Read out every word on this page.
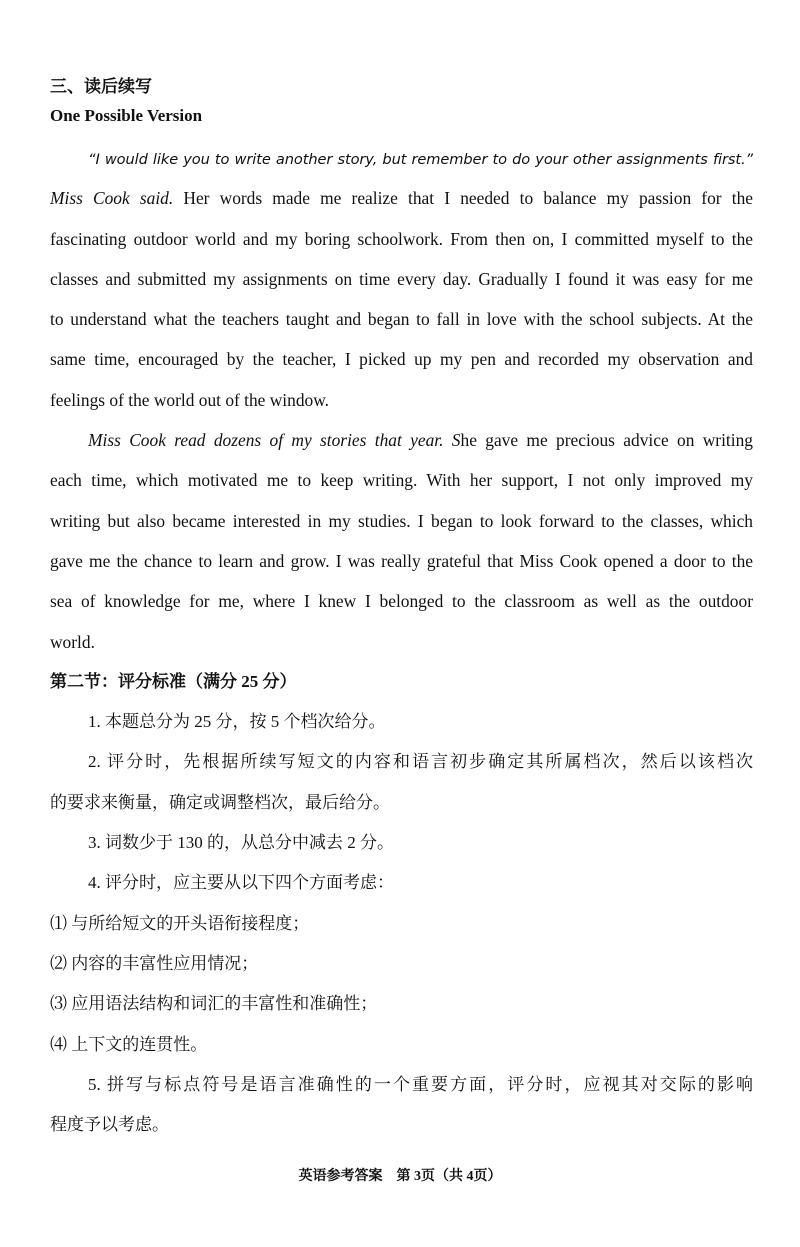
三、读后续写
One Possible Version
“I would like you to write another story, but remember to do your other assignments first.”
Miss Cook said. Her words made me realize that I needed to balance my passion for the
fascinating outdoor world and my boring schoolwork. From then on, I committed myself to the
classes and submitted my assignments on time every day. Gradually I found it was easy for me
to understand what the teachers taught and began to fall in love with the school subjects. At the
same time, encouraged by the teacher, I picked up my pen and recorded my observation and
feelings of the world out of the window.
Miss Cook read dozens of my stories that year. She gave me precious advice on writing
each time, which motivated me to keep writing. With her support, I not only improved my
writing but also became interested in my studies. I began to look forward to the classes, which
gave me the chance to learn and grow. I was really grateful that Miss Cook opened a door to the
sea of knowledge for me, where I knew I belonged to the classroom as well as the outdoor
world.
第二节：评分标准（满分 25 分）
1. 本题总分为 25 分，按 5 个档次给分。
2. 评分时，先根据所续写短文的内容和语言初步确定其所属档次，然后以该档次
的要求来衡量，确定或调整档次，最后给分。
3. 词数少于 130 的，从总分中减去 2 分。
4. 评分时，应主要从以下四个方面考虑：
⑴ 与所给短文的开头语衔接程度；
⑵ 内容的丰富性应用情况；
⑶ 应用语法结构和词汇的丰富性和准确性；
⑷ 上下文的连贯性。
5. 拼写与标点符号是语言准确性的一个重要方面，评分时，应视其对交际的影响
程度予以考虑。
英语参考答案　第 3页（共 4页）
